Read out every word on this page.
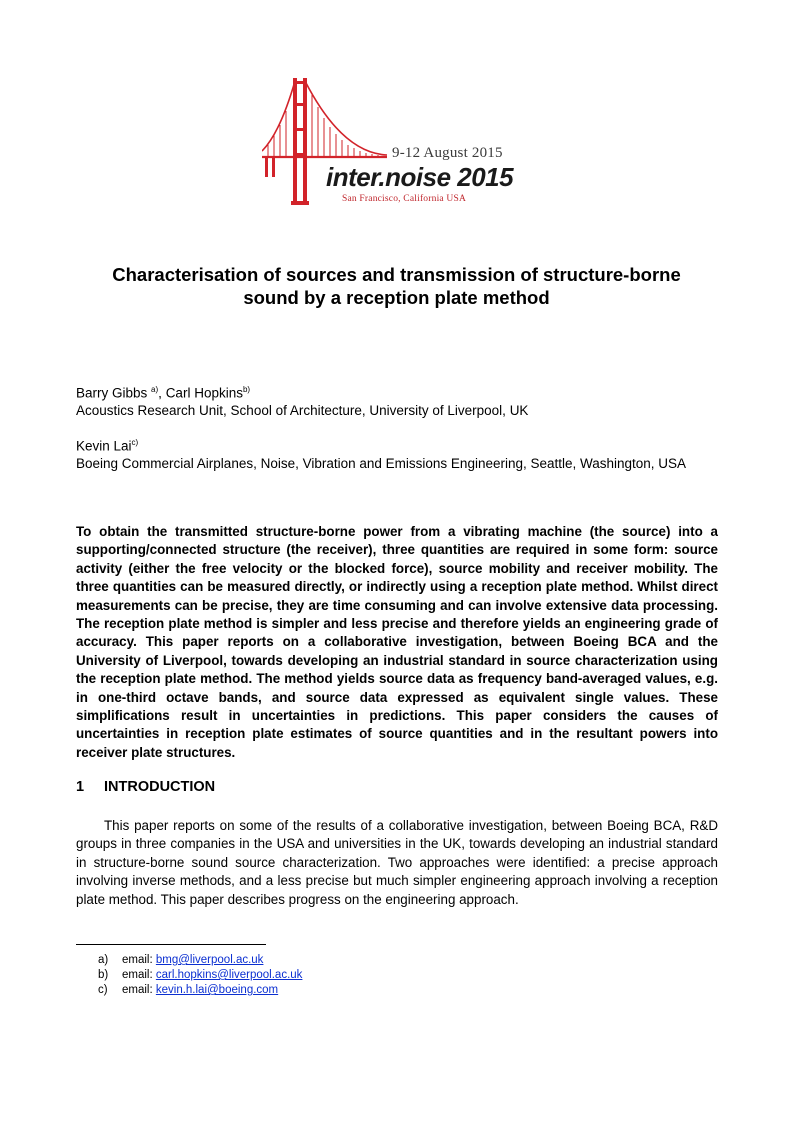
9-12 August 2015
inter.noise 2015
San Francisco, California USA
Characterisation of sources and transmission of structure-borne
sound by a reception plate method
Barry Gibbs $^{a)}$, Carl Hopkins$^{b)}$
Acoustics Research Unit, School of Architecture, University of Liverpool, UK
Kevin Lai$^{c)}$
Boeing Commercial Airplanes, Noise, Vibration and Emissions Engineering, Seattle, Washington, USA

To obtain the transmitted structure-borne power from a vibrating machine (the source) into a supporting/connected structure (the receiver), three quantities are required in some form: source activity (either the free velocity or the blocked force), source mobility and receiver mobility. The three quantities can be measured directly, or indirectly using a reception plate method. Whilst direct measurements can be precise, they are time consuming and can involve extensive data processing. The reception plate method is simpler and less precise and therefore yields an engineering grade of accuracy. This paper reports on a collaborative investigation, between Boeing BCA and the University of Liverpool, towards developing an industrial standard in source characterization using the reception plate method. The method yields source data as frequency band-averaged values, e.g. in one-third octave bands, and source data expressed as equivalent single values. These simplifications result in uncertainties in predictions. This paper considers the causes of uncertainties in reception plate estimates of source quantities and in the resultant powers into receiver plate structures.

1 INTRODUCTION

This paper reports on some of the results of a collaborative investigation, between Boeing BCA, R&D groups in three companies in the USA and universities in the UK, towards developing an industrial standard in structure-borne sound source characterization. Two approaches were identified: a precise approach involving inverse methods, and a less precise but much simpler engineering approach involving a reception plate method. This paper describes progress on the engineering approach.

a) email: bmg@liverpool.ac.uk
b) email: carl.hopkins@liverpool.ac.uk
c) email: kevin.h.lai@boeing.com
